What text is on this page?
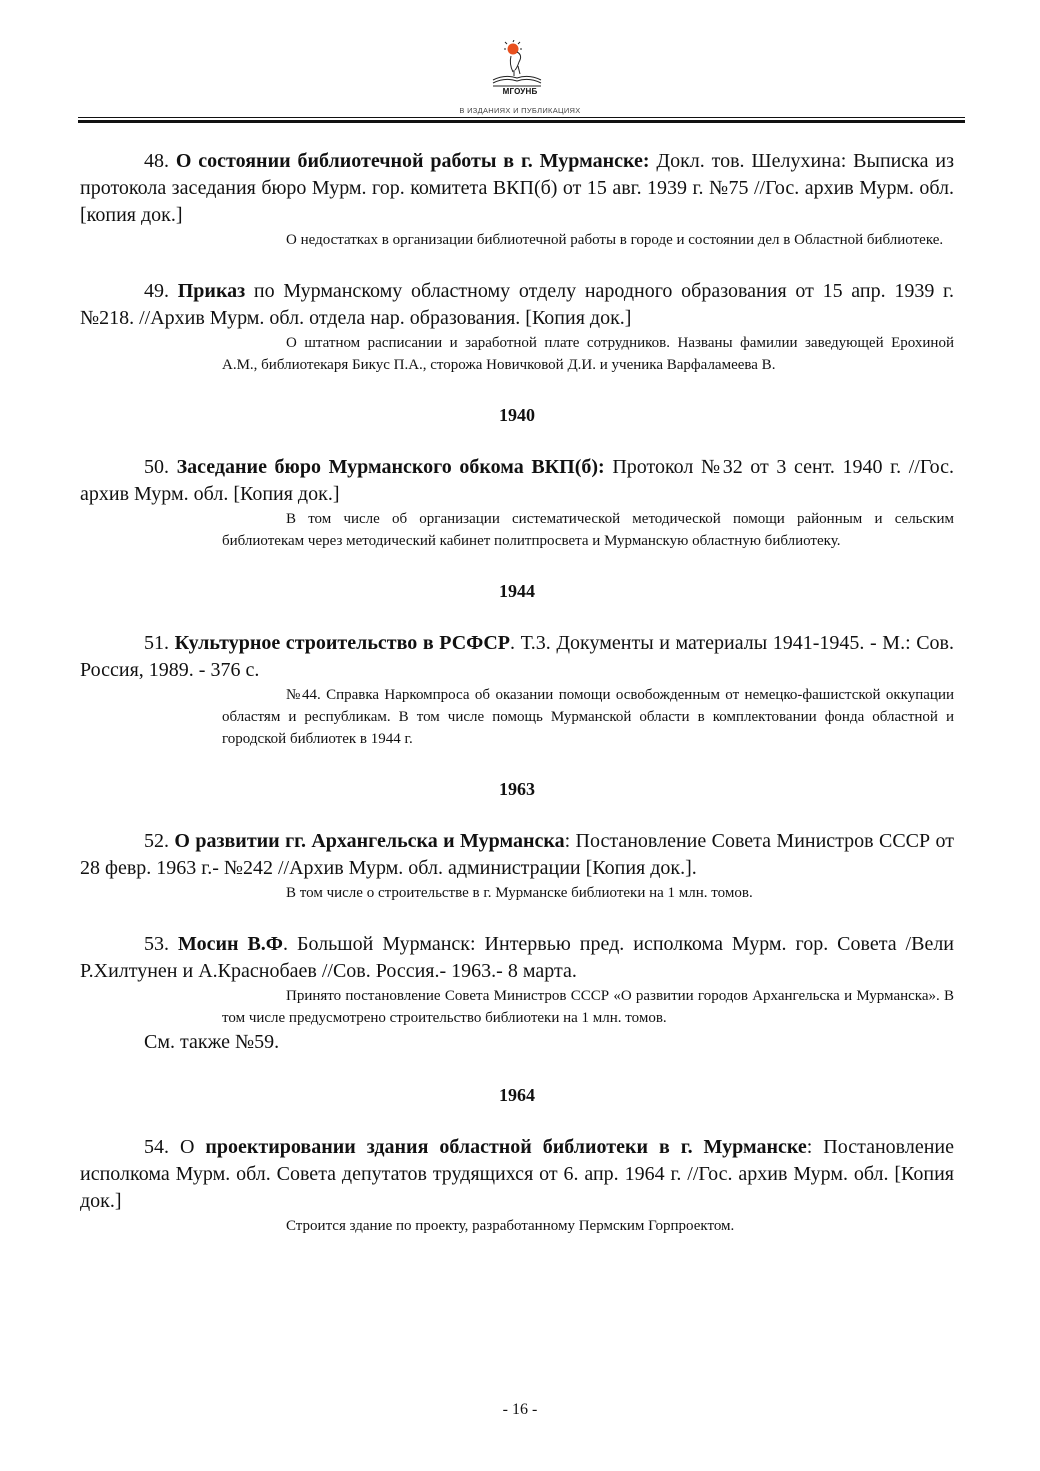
МГОУНБ
В ИЗДАНИЯХ И ПУБЛИКАЦИЯХ

48. О состоянии библиотечной работы в г. Мурманске: Докл. тов. Шелухина: Выписка из протокола заседания бюро Мурм. гор. комитета ВКП(б) от 15 авг. 1939 г. №75 //Гос. архив Мурм. обл. [копия док.]

О недостатках в организации библиотечной работы в городе и состоянии дел в Областной библиотеке.

49. Приказ по Мурманскому областному отделу народного образования от 15 апр. 1939 г. №218. //Архив Мурм. обл. отдела нар. образования. [Копия док.]

О штатном расписании и заработной плате сотрудников. Названы фамилии заведующей Ерохиной А.М., библиотекаря Бикус П.А., сторожа Новичковой Д.И. и ученика Варфаламеева В.

1940

50. Заседание бюро Мурманского обкома ВКП(б): Протокол №32 от 3 сент. 1940 г. //Гос. архив Мурм. обл. [Копия док.]

В том числе об организации систематической методической помощи районным и сельским библиотекам через методический кабинет политпросвета и Мурманскую областную библиотеку.

1944

51. Культурное строительство в РСФСР. Т.3. Документы и материалы 1941-1945. - М.: Сов. Россия, 1989. - 376 с.

№44. Справка Наркомпроса об оказании помощи освобожденным от немецко-фашистской оккупации областям и республикам. В том числе помощь Мурманской области в комплектовании фонда областной и городской библиотек в 1944 г.

1963

52. О развитии гг. Архангельска и Мурманска: Постановление Совета Министров СССР от 28 февр. 1963 г.- №242 //Архив Мурм. обл. администрации [Копия док.].

В том числе о строительстве в г. Мурманске библиотеки на 1 млн. томов.

53. Мосин В.Ф. Большой Мурманск: Интервью пред. исполкома Мурм. гор. Совета /Вели Р.Хилтунен и А.Краснобаев //Сов. Россия.- 1963.- 8 марта.

Принято постановление Совета Министров СССР «О развитии городов Архангельска и Мурманска». В том числе предусмотрено строительство библиотеки на 1 млн. томов.

См. также №59.

1964

54. О проектировании здания областной библиотеки в г. Мурманске: Постановление исполкома Мурм. обл. Совета депутатов трудящихся от 6. апр. 1964 г. //Гос. архив Мурм. обл. [Копия док.]

Строится здание по проекту, разработанному Пермским Горпроектом.

- 16 -
